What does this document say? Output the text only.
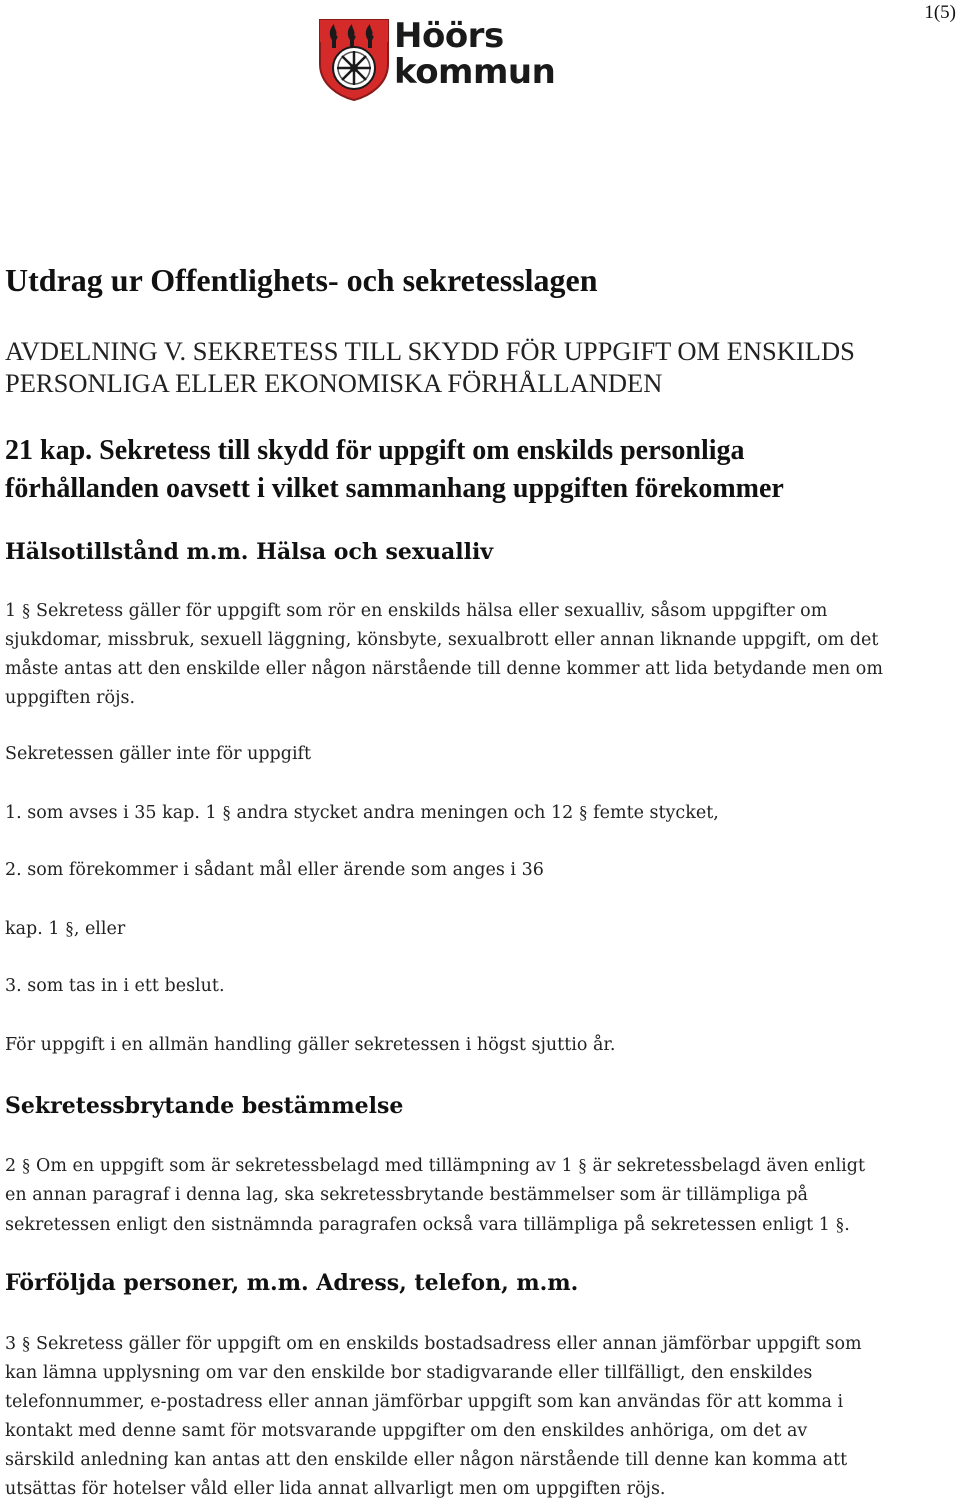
1(5)
Höörs
kommun
Utdrag ur Offentlighets- och sekretesslagen
AVDELNING V. SEKRETESS TILL SKYDD FÖR UPPGIFT OM ENSKILDS
PERSONLIGA ELLER EKONOMISKA FÖRHÅLLANDEN
21 kap. Sekretess till skydd för uppgift om enskilds personliga
förhållanden oavsett i vilket sammanhang uppgiften förekommer
Hälsotillstånd m.m. Hälsa och sexualliv
1 § Sekretess gäller för uppgift som rör en enskilds hälsa eller sexualliv, såsom uppgifter om
sjukdomar, missbruk, sexuell läggning, könsbyte, sexualbrott eller annan liknande uppgift, om det
måste antas att den enskilde eller någon närstående till denne kommer att lida betydande men om
uppgiften röjs.
Sekretessen gäller inte för uppgift
1. som avses i 35 kap. 1 § andra stycket andra meningen och 12 § femte stycket,
2. som förekommer i sådant mål eller ärende som anges i 36
kap. 1 §, eller
3. som tas in i ett beslut.
För uppgift i en allmän handling gäller sekretessen i högst sjuttio år.
Sekretessbrytande bestämmelse
2 § Om en uppgift som är sekretessbelagd med tillämpning av 1 § är sekretessbelagd även enligt
en annan paragraf i denna lag, ska sekretessbrytande bestämmelser som är tillämpliga på
sekretessen enligt den sistnämnda paragrafen också vara tillämpliga på sekretessen enligt 1 §.
Förföljda personer, m.m. Adress, telefon, m.m.
3 § Sekretess gäller för uppgift om en enskilds bostadsadress eller annan jämförbar uppgift som
kan lämna upplysning om var den enskilde bor stadigvarande eller tillfälligt, den enskildes
telefonnummer, e-postadress eller annan jämförbar uppgift som kan användas för att komma i
kontakt med denne samt för motsvarande uppgifter om den enskildes anhöriga, om det av
särskild anledning kan antas att den enskilde eller någon närstående till denne kan komma att
utsättas för hotelser våld eller lida annat allvarligt men om uppgiften röjs.
